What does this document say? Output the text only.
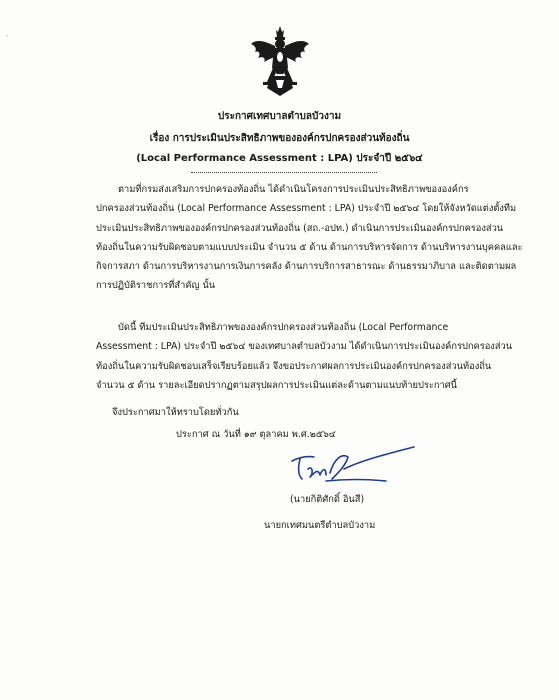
ˇ
ประกาศเทศบาลตำบลบัวงาม
เรื่อง การประเมินประสิทธิภาพขององค์กรปกครองส่วนท้องถิ่น
(Local Performance Assessment : LPA) ประจำปี ๒๕๖๔
ตามที่กรมส่งเสริมการปกครองท้องถิ่น ได้ดำเนินโครงการประเมินประสิทธิภาพขององค์กร
ปกครองส่วนท้องถิ่น (Local Performance Assessment : LPA) ประจำปี ๒๕๖๔ โดยให้จังหวัดแต่งตั้งทีม
ประเมินประสิทธิภาพขององค์กรปกครองส่วนท้องถิ่น (สถ.-อปท.) ดำเนินการประเมินองค์กรปกครองส่วน
ท้องถิ่นในความรับผิดชอบตามแบบประเมิน จำนวน ๕ ด้าน ด้านการบริหารจัดการ ด้านบริหารงานบุคคลและ
กิจการสภา ด้านการบริหารงานการเงินการคลัง ด้านการบริการสาธารณะ ด้านธรรมาภิบาล และติดตามผล
การปฏิบัติราชการที่สำคัญ นั้น
บัดนี้ ทีมประเมินประสิทธิภาพขององค์กรปกครองส่วนท้องถิ่น (Local Performance
Assessment : LPA) ประจำปี ๒๕๖๔ ของเทศบาลตำบลบัวงาม ได้ดำเนินการประเมินองค์กรปกครองส่วน
ท้องถิ่นในความรับผิดชอบเสร็จเรียบร้อยแล้ว จึงขอประกาศผลการประเมินองค์กรปกครองส่วนท้องถิ่น
จำนวน ๕ ด้าน รายละเอียดปรากฏตามสรุปผลการประเมินแต่ละด้านตามแนบท้ายประกาศนี้
จึงประกาศมาให้ทราบโดยทั่วกัน
ประกาศ ณ วันที่ ๑๙ ตุลาคม พ.ศ.๒๕๖๔
(นายกิติศักดิ์ อินสี)
นายกเทศมนตรีตำบลบัวงาม
